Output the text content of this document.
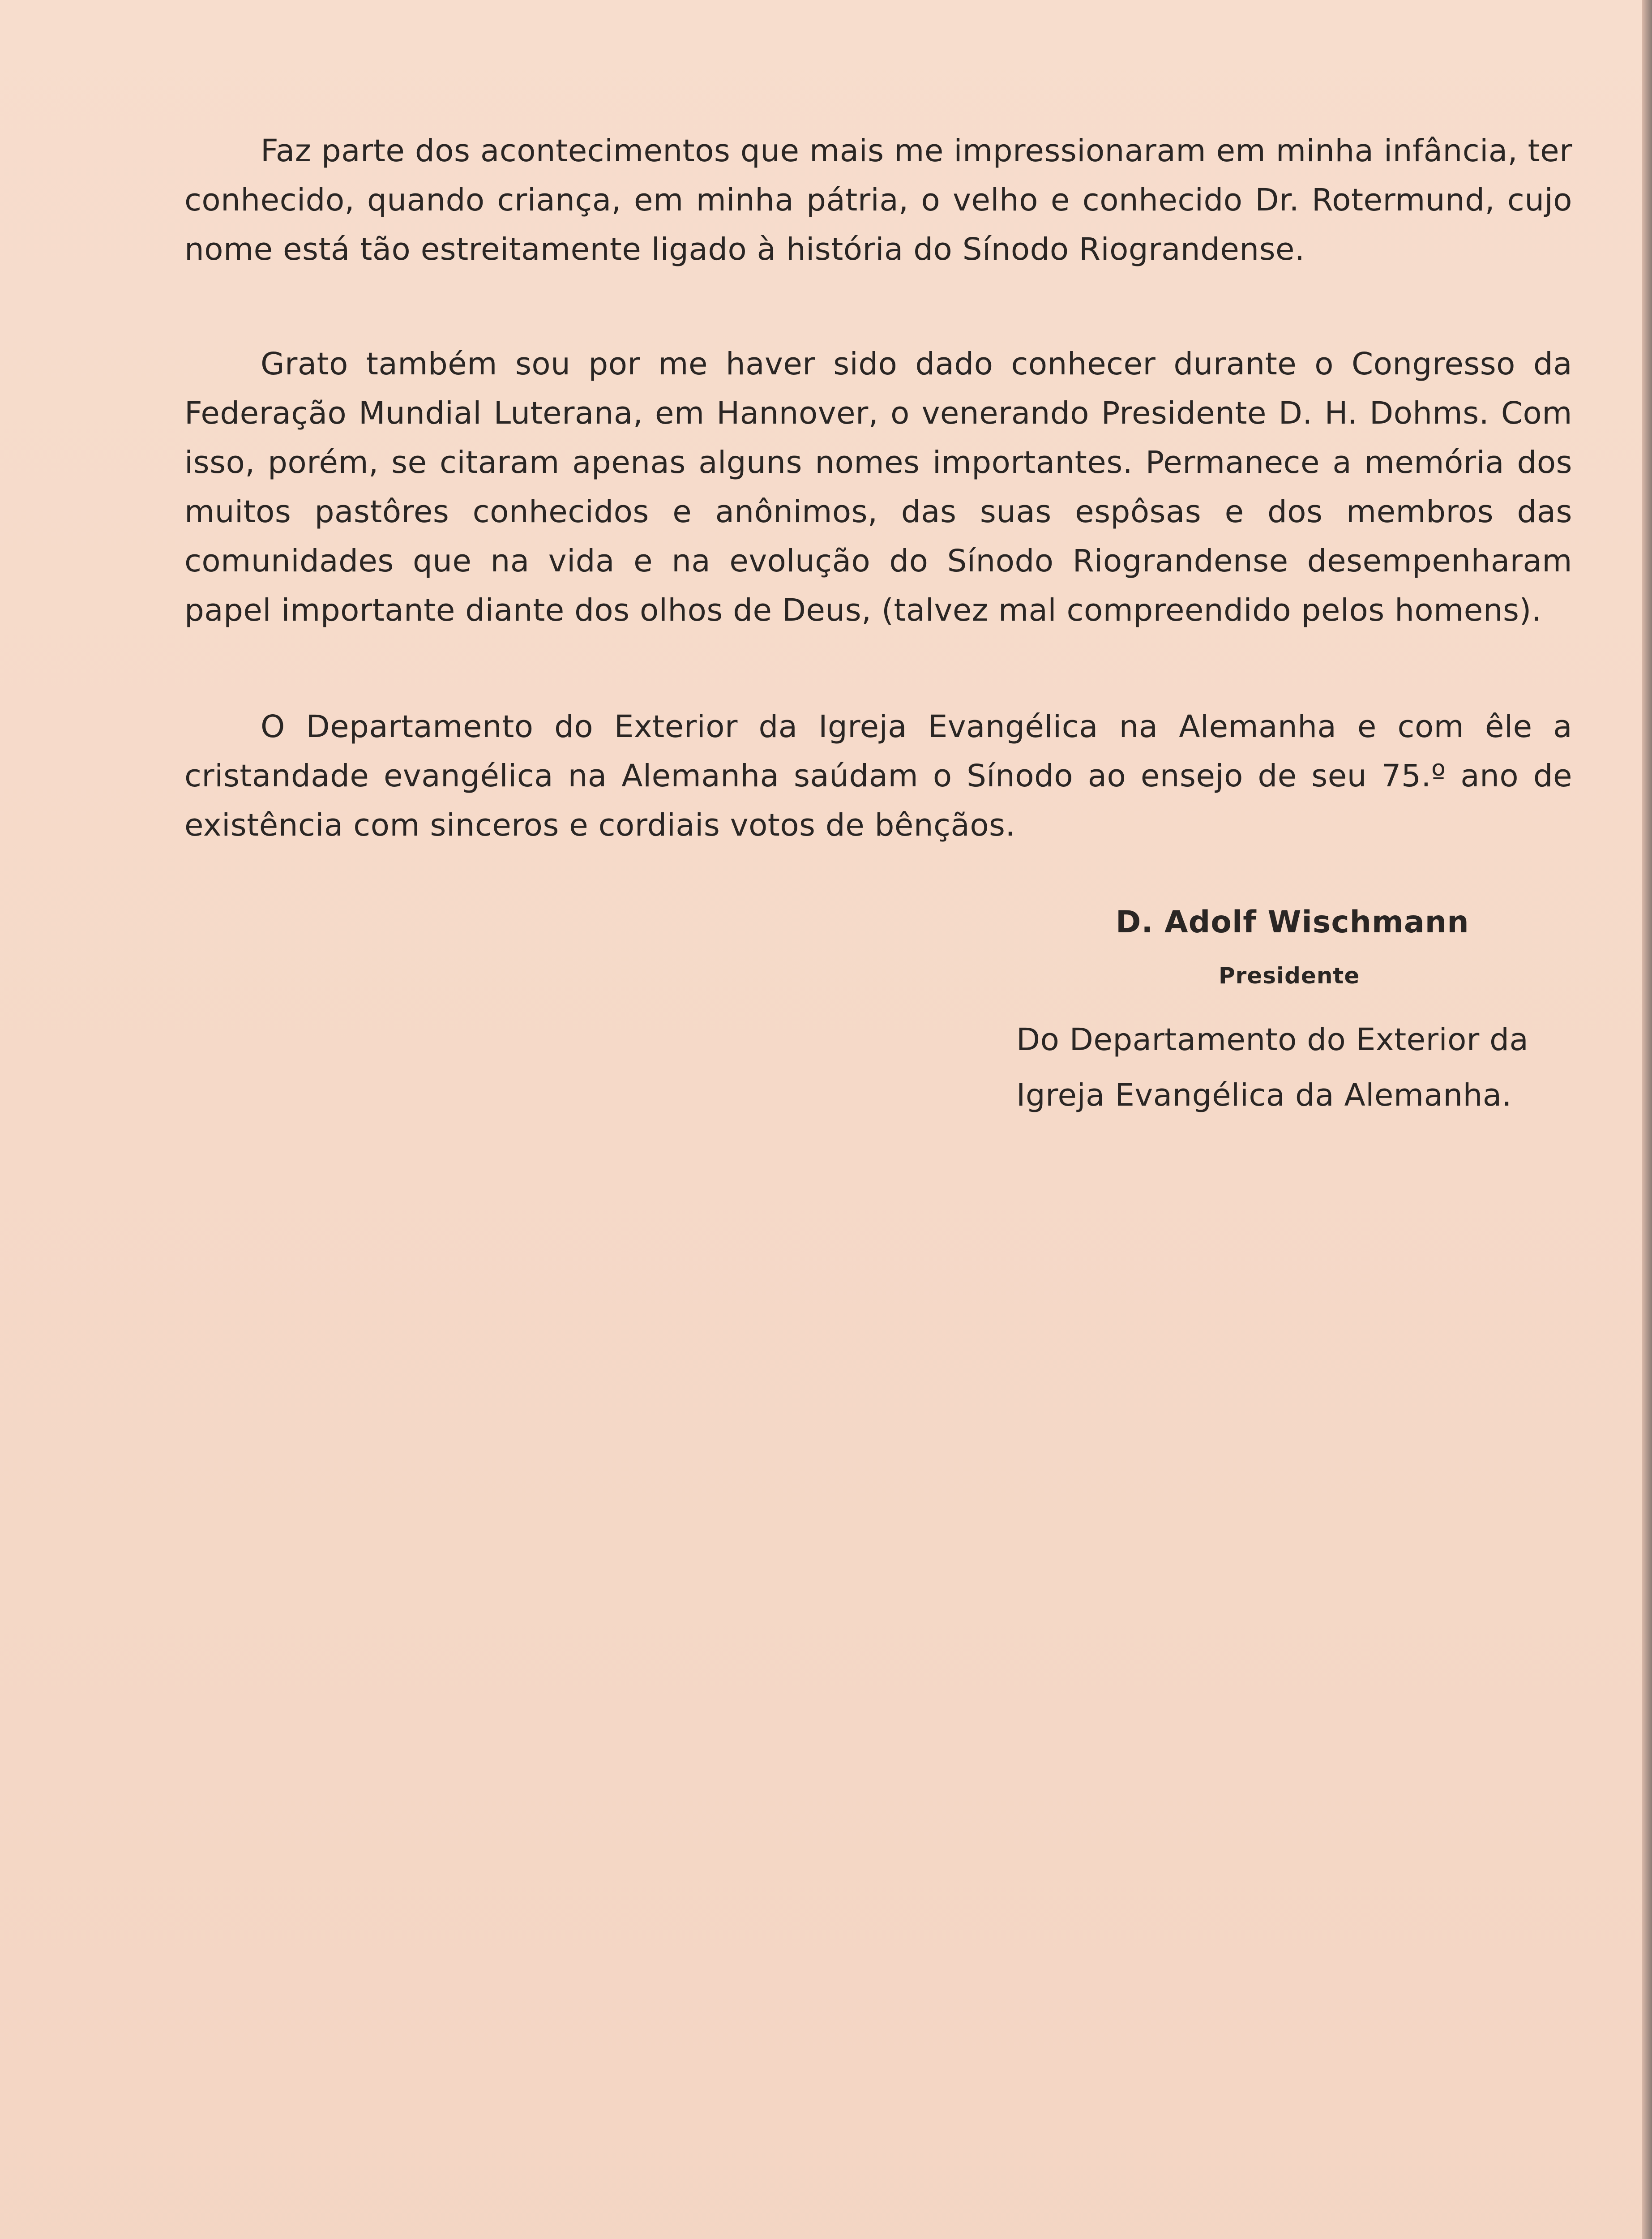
Faz parte dos acontecimentos que mais me impressionaram em minha infância, ter conhecido, quando criança, em minha pátria, o velho e conhecido Dr. Rotermund, cujo nome está tão estreitamente ligado à história do Sínodo Riograndense.

Grato também sou por me haver sido dado conhecer durante o Congresso da Federação Mundial Luterana, em Hannover, o venerando Presidente D. H. Dohms. Com isso, porém, se citaram apenas alguns nomes importantes. Permanece a memória dos muitos pastôres conhecidos e anônimos, das suas espôsas e dos membros das comunidades que na vida e na evolução do Sínodo Riograndense desempenharam papel importante diante dos olhos de Deus, (talvez mal compreendido pelos homens).

O Departamento do Exterior da Igreja Evangélica na Alemanha e com êle a cristandade evangélica na Alemanha saúdam o Sínodo ao ensejo de seu 75.º ano de existência com sinceros e cordiais votos de bênçãos.

D. Adolf Wischmann

Presidente

Do Departamento do Exterior da
Igreja Evangélica da Alemanha.
